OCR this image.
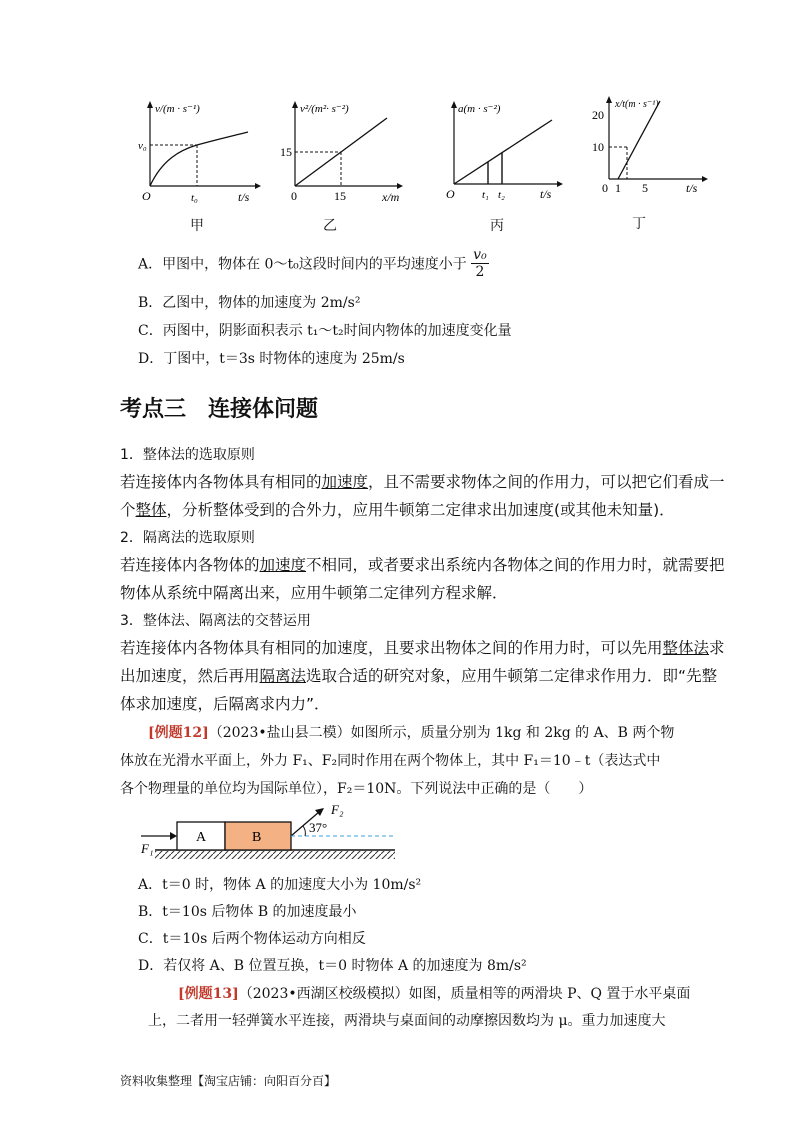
v/(m · s⁻¹)
v₀
O	t₀	t/s
甲
v²/(m²· s⁻²)
15
0	15	x/m
乙
a(m · s⁻²)
O t₁ t₂	t/s
丙
x/t(m · s⁻¹)
20
10
0 1 5	t/s
丁
A．甲图中，物体在 0～t₀这段时间内的平均速度小于 $\frac{\text{v₀}}{2}$
B．乙图中，物体的加速度为 2m/s²
C．丙图中，阴影面积表示 t₁～t₂时间内物体的加速度变化量
D．丁图中，t＝3s 时物体的速度为 25m/s
考点三　连接体问题
1．整体法的选取原则
若连接体内各物体具有相同的加速度，且不需要求物体之间的作用力，可以把它们看成一
个整体，分析整体受到的合外力，应用牛顿第二定律求出加速度(或其他未知量)．
2．隔离法的选取原则
若连接体内各物体的加速度不相同，或者要求出系统内各物体之间的作用力时，就需要把
物体从系统中隔离出来，应用牛顿第二定律列方程求解．
3．整体法、隔离法的交替运用
若连接体内各物体具有相同的加速度，且要求出物体之间的作用力时，可以先用整体法求
出加速度，然后再用隔离法选取合适的研究对象，应用牛顿第二定律求作用力．即“先整
体求加速度，后隔离求内力”．
[例题12]（2023•盐山县二模）如图所示，质量分别为 1kg 和 2kg 的 A、B 两个物
体放在光滑水平面上，外力 F₁、F₂同时作用在两个物体上，其中 F₁＝10﹣t（表达式中
各个物理量的单位均为国际单位），F₂＝10N。下列说法中正确的是（　　）
A	B
F₁
F₂
37°
A．t＝0 时，物体 A 的加速度大小为 10m/s²
B．t＝10s 后物体 B 的加速度最小
C．t＝10s 后两个物体运动方向相反
D．若仅将 A、B 位置互换，t＝0 时物体 A 的加速度为 8m/s²
[例题13]（2023•西湖区校级模拟）如图，质量相等的两滑块 P、Q 置于水平桌面
上，二者用一轻弹簧水平连接，两滑块与桌面间的动摩擦因数均为 μ。重力加速度大
资料收集整理【淘宝店铺：向阳百分百】
